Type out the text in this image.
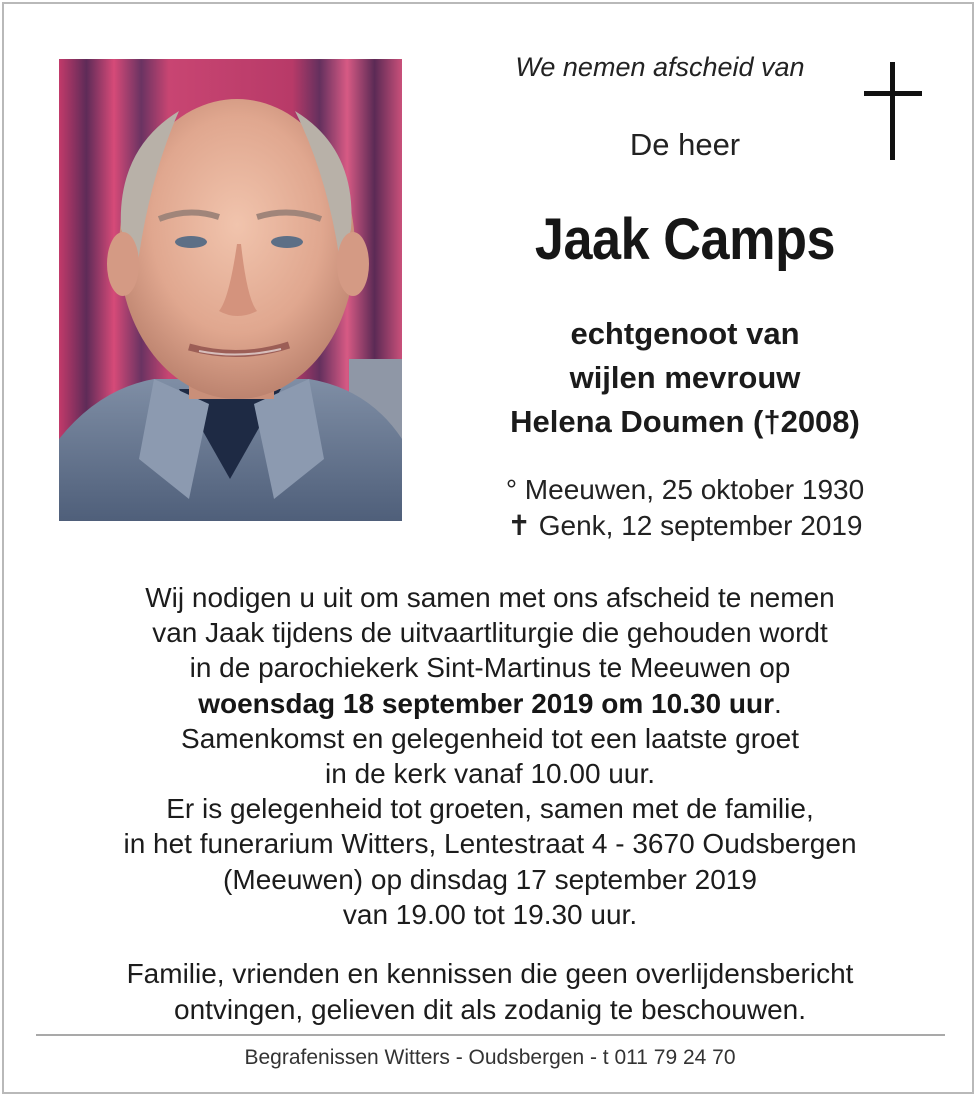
We nemen afscheid van

De heer

Jaak Camps

echtgenoot van
wijlen mevrouw
Helena Doumen (†2008)
° Meeuwen, 25 oktober 1930
✝ Genk, 12 september 2019
Wij nodigen u uit om samen met ons afscheid te nemen
van Jaak tijdens de uitvaartliturgie die gehouden wordt
in de parochiekerk Sint-Martinus te Meeuwen op
woensdag 18 september 2019 om 10.30 uur.
Samenkomst en gelegenheid tot een laatste groet
in de kerk vanaf 10.00 uur.
Er is gelegenheid tot groeten, samen met de familie,
in het funerarium Witters, Lentestraat 4 - 3670 Oudsbergen
(Meeuwen) op dinsdag 17 september 2019
van 19.00 tot 19.30 uur.
Familie, vrienden en kennissen die geen overlijdensbericht
ontvingen, gelieven dit als zodanig te beschouwen.
Begrafenissen Witters - Oudsbergen - t 011 79 24 70
